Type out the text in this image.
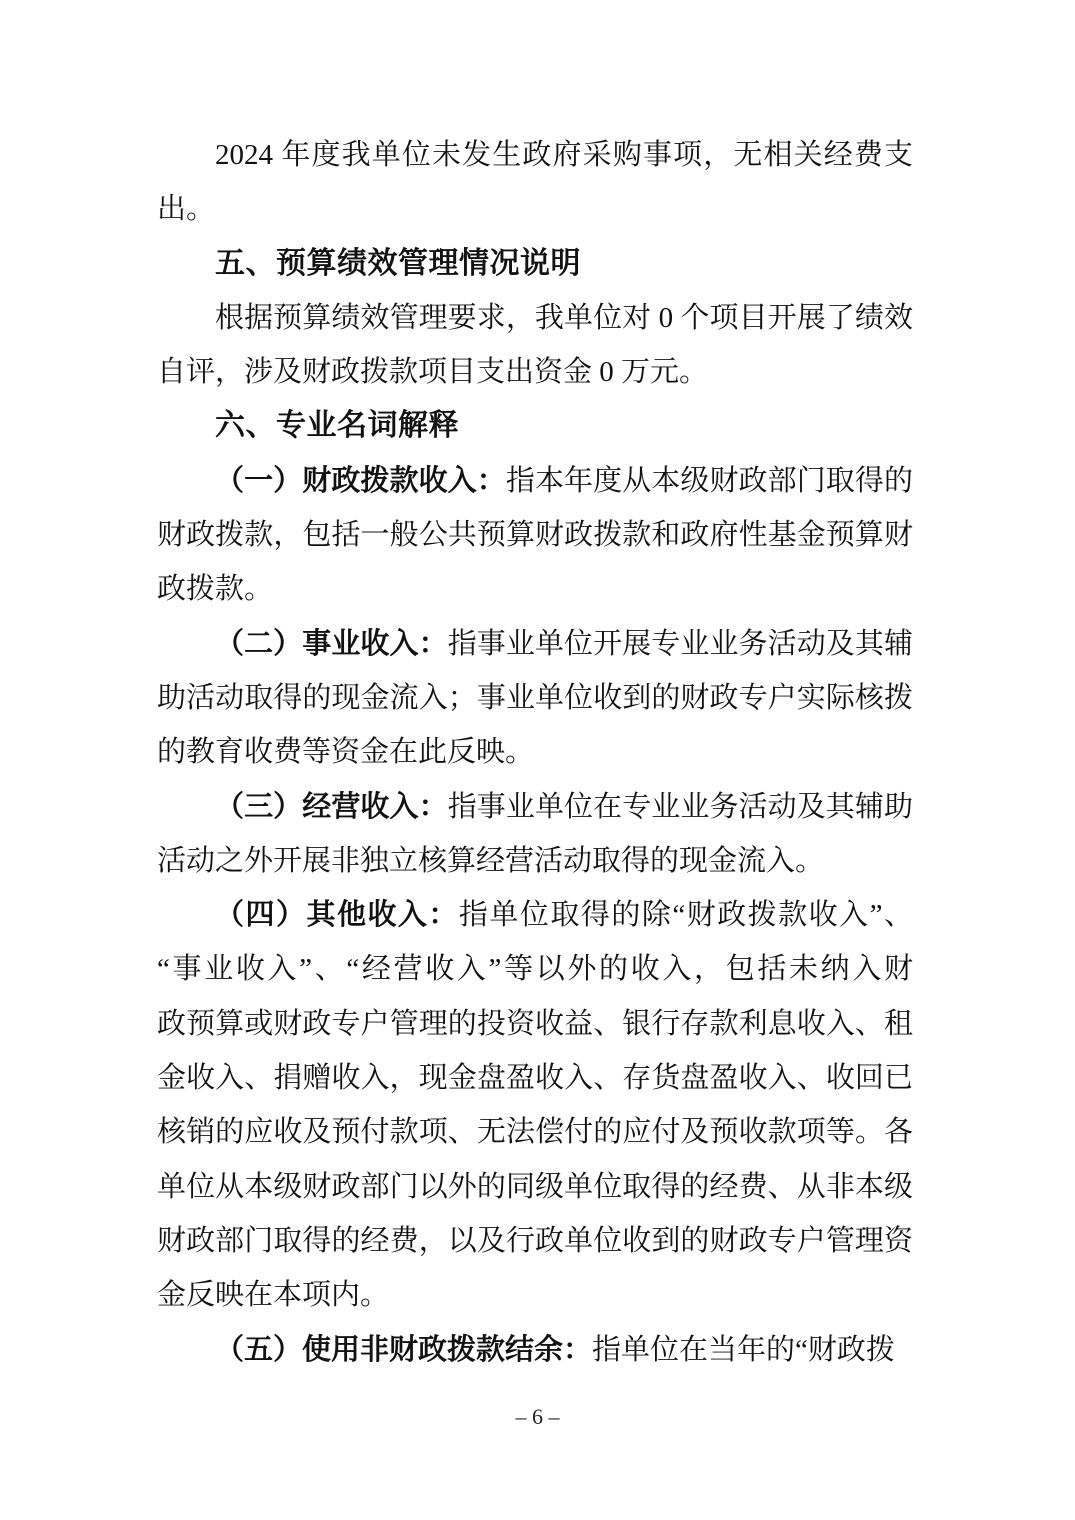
2024 年度我单位未发生政府采购事项，无相关经费支
出。
五、预算绩效管理情况说明
根据预算绩效管理要求，我单位对 0 个项目开展了绩效
自评，涉及财政拨款项目支出资金 0 万元。
六、专业名词解释
（一）财政拨款收入：指本年度从本级财政部门取得的
财政拨款，包括一般公共预算财政拨款和政府性基金预算财
政拨款。
（二）事业收入：指事业单位开展专业业务活动及其辅
助活动取得的现金流入；事业单位收到的财政专户实际核拨
的教育收费等资金在此反映。
（三）经营收入：指事业单位在专业业务活动及其辅助
活动之外开展非独立核算经营活动取得的现金流入。
（四）其他收入：指单位取得的除“财政拨款收入”、
“事业收入”、“经营收入”等以外的收入，包括未纳入财
政预算或财政专户管理的投资收益、银行存款利息收入、租
金收入、捐赠收入，现金盘盈收入、存货盘盈收入、收回已
核销的应收及预付款项、无法偿付的应付及预收款项等。各
单位从本级财政部门以外的同级单位取得的经费、从非本级
财政部门取得的经费，以及行政单位收到的财政专户管理资
金反映在本项内。
（五）使用非财政拨款结余：指单位在当年的“财政拨
– 6 –
